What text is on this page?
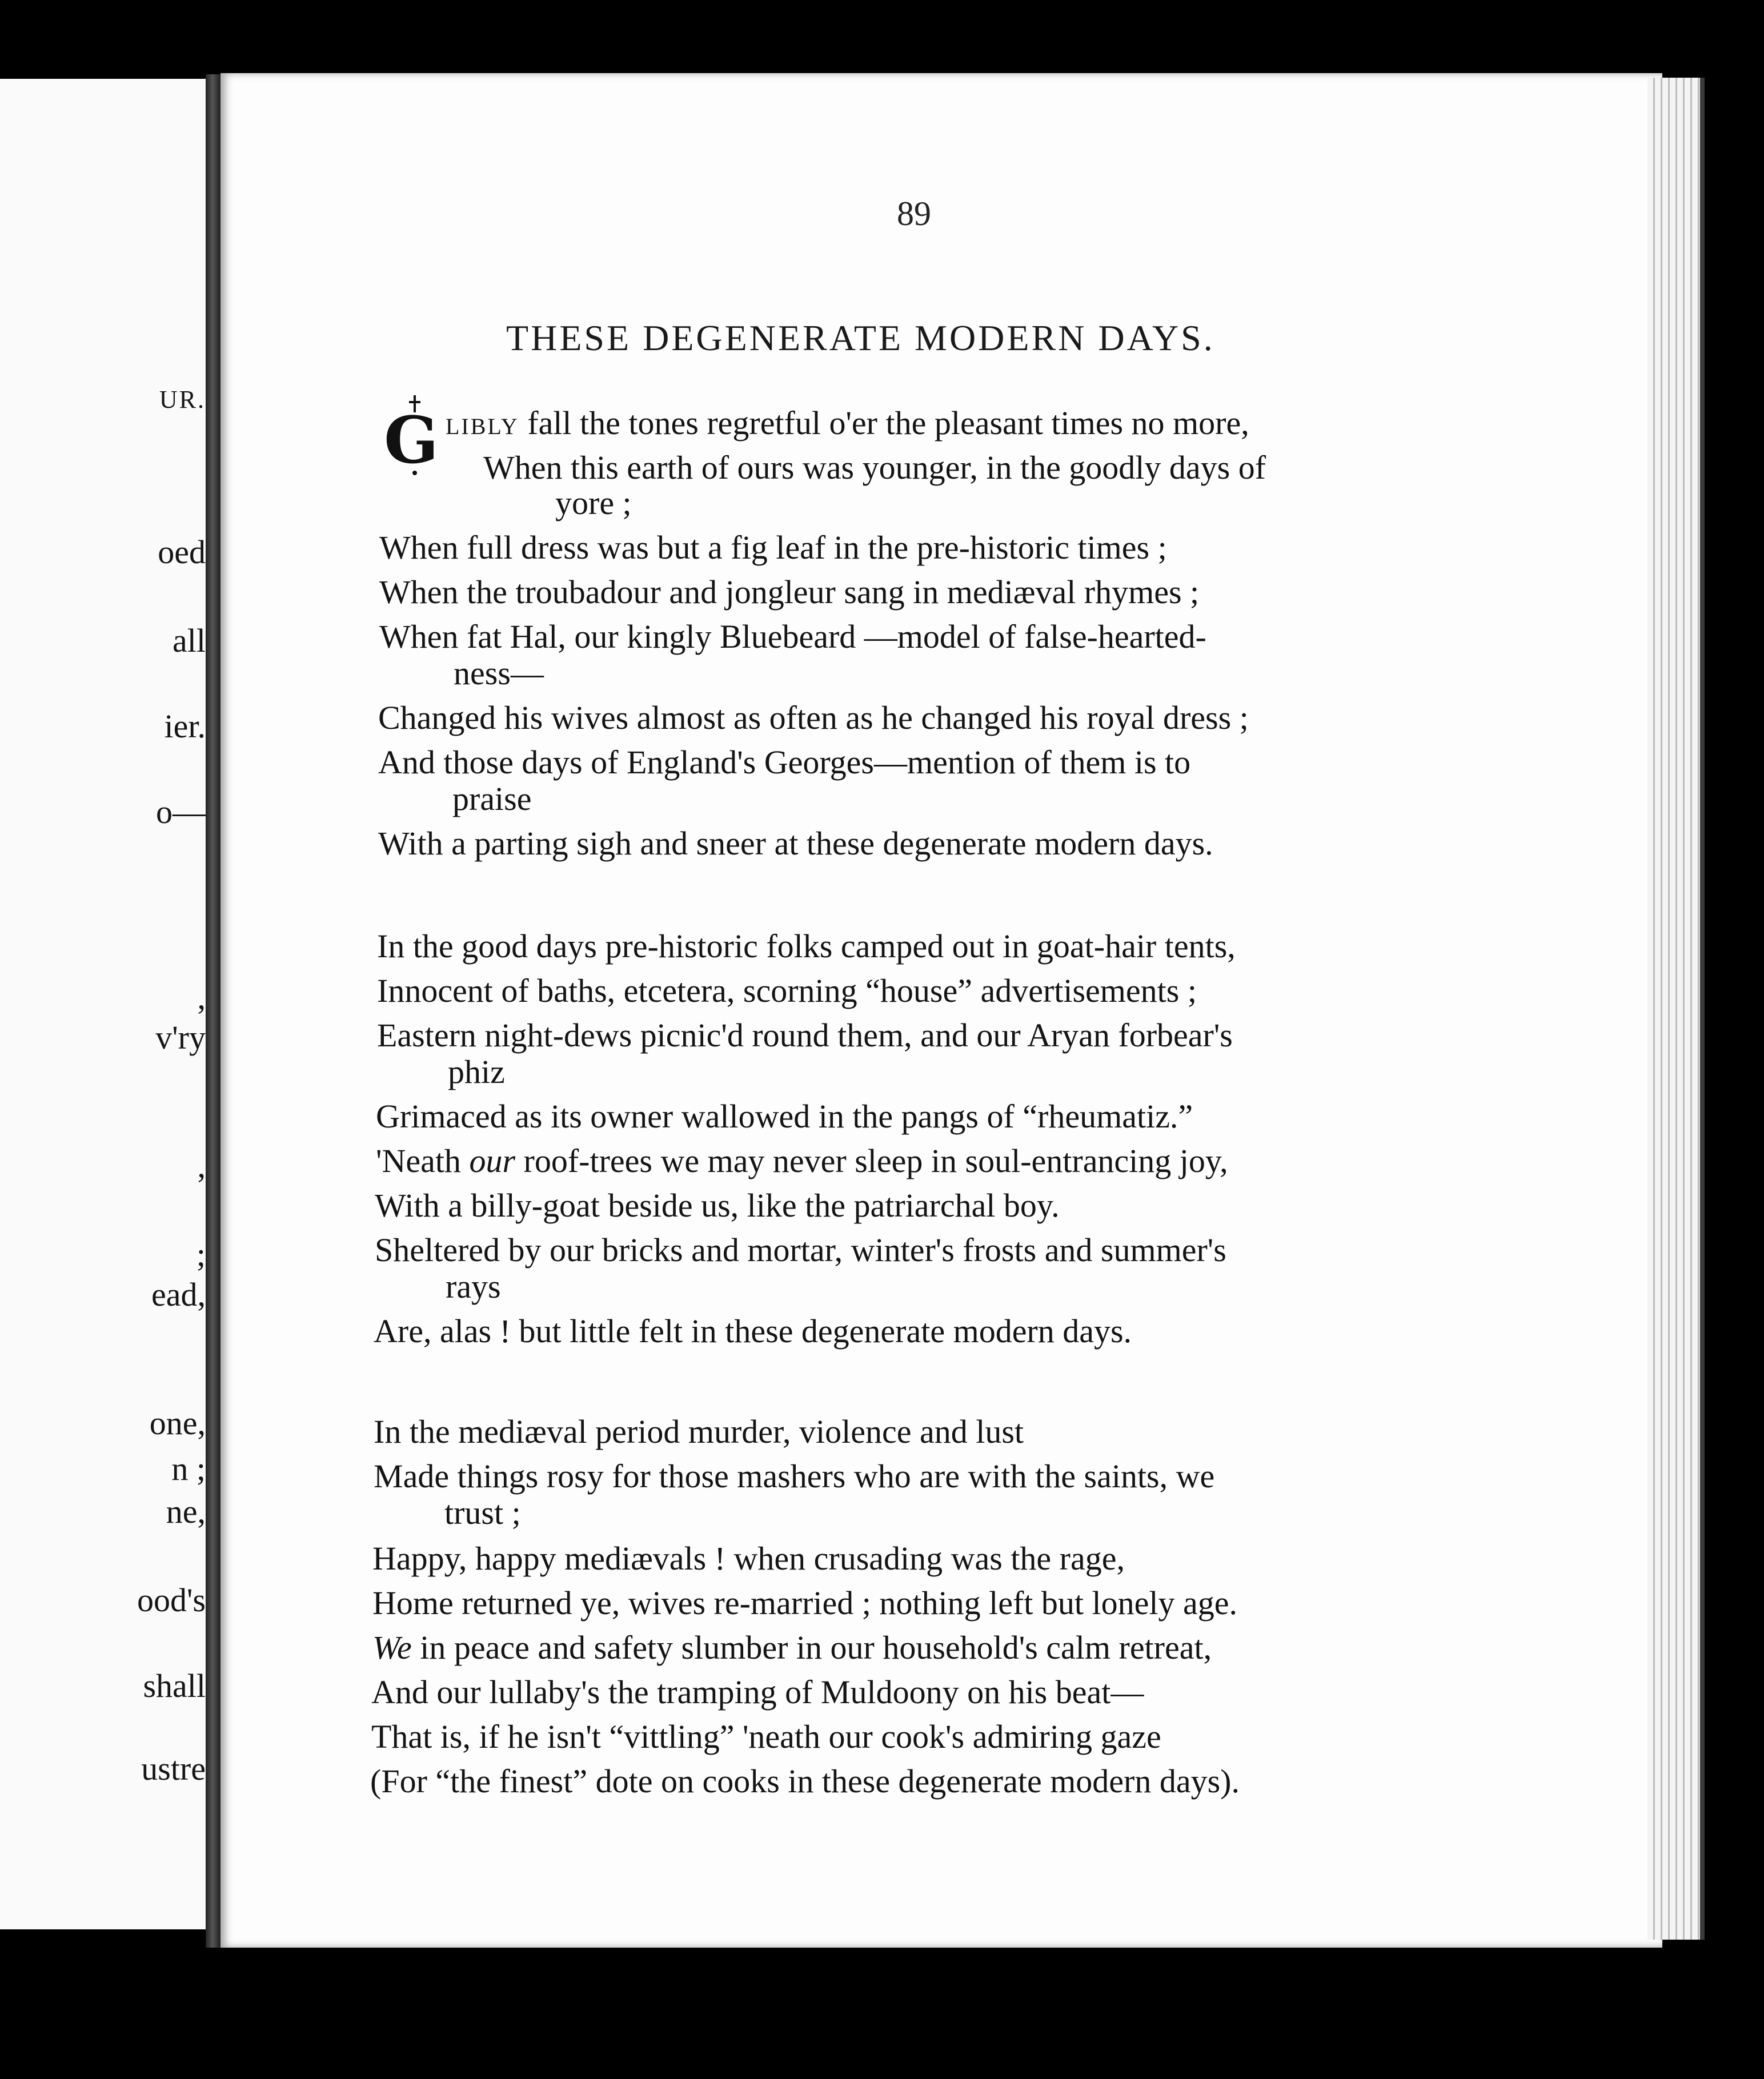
UR.
oed
all
ier.
o—
,
v'ry
,
;
ead,
one,
n ;
ne,
ood's
shall
ustre
89
THESE DEGENERATE MODERN DAYS.
G LIBLY fall the tones regretful o'er the pleasant times no more,
When this earth of ours was younger, in the goodly days of
yore ;
When full dress was but a fig leaf in the pre-historic times ;
When the troubadour and jongleur sang in mediæval rhymes ;
When fat Hal, our kingly Bluebeard —model of false-hearted-
ness—
Changed his wives almost as often as he changed his royal dress ;
And those days of England's Georges—mention of them is to
praise
With a parting sigh and sneer at these degenerate modern days.
In the good days pre-historic folks camped out in goat-hair tents,
Innocent of baths, etcetera, scorning “house” advertisements ;
Eastern night-dews picnic'd round them, and our Aryan forbear's
phiz
Grimaced as its owner wallowed in the pangs of “rheumatiz.”
'Neath our roof-trees we may never sleep in soul-entrancing joy,
With a billy-goat beside us, like the patriarchal boy.
Sheltered by our bricks and mortar, winter's frosts and summer's
rays
Are, alas ! but little felt in these degenerate modern days.
In the mediæval period murder, violence and lust
Made things rosy for those mashers who are with the saints, we
trust ;
Happy, happy mediævals ! when crusading was the rage,
Home returned ye, wives re-married ; nothing left but lonely age.
We in peace and safety slumber in our household's calm retreat,
And our lullaby's the tramping of Muldoony on his beat—
That is, if he isn't “vittling” 'neath our cook's admiring gaze
(For “the finest” dote on cooks in these degenerate modern days).
